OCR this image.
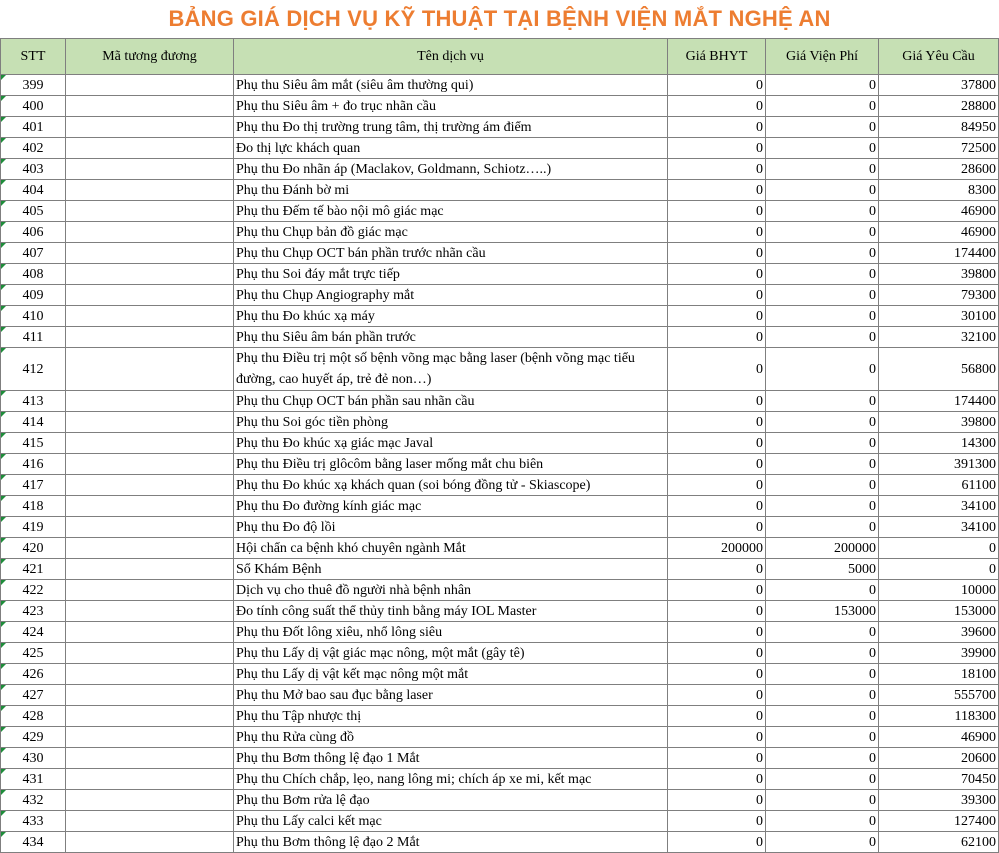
BẢNG GIÁ DỊCH VỤ KỸ THUẬT TẠI BỆNH VIỆN MẮT NGHỆ AN
STT	Mã tương đương	Tên dịch vụ	Giá BHYT	Giá Viện Phí	Giá Yêu Cầu
399		Phụ thu Siêu âm mắt (siêu âm thường qui)	0	0	37800
400		Phụ thu Siêu âm + đo trục nhãn cầu	0	0	28800
401		Phụ thu Đo thị trường trung tâm, thị trường ám điểm	0	0	84950
402		Đo thị lực khách quan	0	0	72500
403		Phụ thu Đo nhãn áp (Maclakov, Goldmann, Schiotz…..)	0	0	28600
404		Phụ thu Đánh bờ mi	0	0	8300
405		Phụ thu Đếm tế bào nội mô giác mạc	0	0	46900
406		Phụ thu Chụp bản đồ giác mạc	0	0	46900
407		Phụ thu Chụp OCT bán phần trước nhãn cầu	0	0	174400
408		Phụ thu Soi đáy mắt trực tiếp	0	0	39800
409		Phụ thu Chụp Angiography mắt	0	0	79300
410		Phụ thu Đo khúc xạ máy	0	0	30100
411		Phụ thu Siêu âm bán phần trước	0	0	32100
412		Phụ thu Điều trị một số bệnh võng mạc bằng laser (bệnh võng mạc tiểu đường, cao huyết áp, trẻ đẻ non…)	0	0	56800
413		Phụ thu Chụp OCT bán phần sau nhãn cầu	0	0	174400
414		Phụ thu Soi góc tiền phòng	0	0	39800
415		Phụ thu Đo khúc xạ giác mạc Javal	0	0	14300
416		Phụ thu Điều trị glôcôm bằng laser mống mắt chu biên	0	0	391300
417		Phụ thu Đo khúc xạ khách quan (soi bóng đồng tử - Skiascope)	0	0	61100
418		Phụ thu Đo đường kính giác mạc	0	0	34100
419		Phụ thu Đo độ lồi	0	0	34100
420		Hội chẩn ca bệnh khó chuyên ngành Mắt	200000	200000	0
421		Sổ Khám Bệnh	0	5000	0
422		Dịch vụ cho thuê đồ người nhà bệnh nhân	0	0	10000
423		Đo tính công suất thể thủy tinh bằng máy IOL Master	0	153000	153000
424		Phụ thu Đốt lông xiêu, nhổ lông siêu	0	0	39600
425		Phụ thu Lấy dị vật giác mạc nông, một mắt (gây tê)	0	0	39900
426		Phụ thu Lấy dị vật kết mạc nông một mắt	0	0	18100
427		Phụ thu Mở bao sau đục bằng laser	0	0	555700
428		Phụ thu Tập nhược thị	0	0	118300
429		Phụ thu Rửa cùng đồ	0	0	46900
430		Phụ thu Bơm thông lệ đạo 1 Mắt	0	0	20600
431		Phụ thu Chích chắp, lẹo, nang lông mi; chích áp xe mi, kết mạc	0	0	70450
432		Phụ thu Bơm rửa lệ đạo	0	0	39300
433		Phụ thu Lấy calci kết mạc	0	0	127400
434		Phụ thu Bơm thông lệ đạo 2 Mắt	0	0	62100
